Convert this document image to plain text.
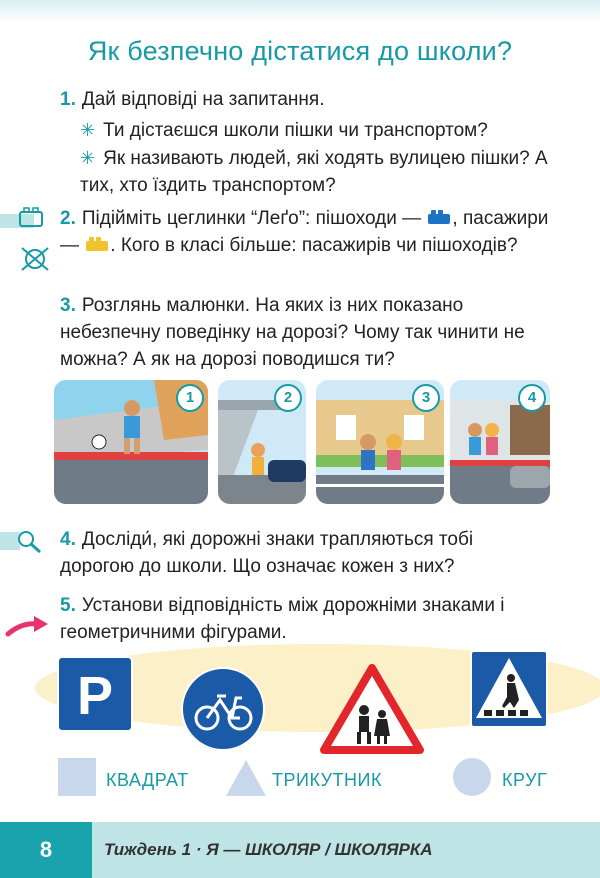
Як безпечно дістатися до школи?
1. Дай відповіді на запитання.
✳ Ти дістаєшся школи пішки чи транспортом?
✳ Як називають людей, які ходять вулицею пішки? А тих, хто їздить транспортом?
2. Підійміть цеглинки “Леґо”: пішоходи — , пасажири — . Кого в класі більше: пасажирів чи пішоходів?
3. Розглянь малюнки. На яких із них показано небезпечну поведінку на дорозі? Чому так чинити не можна? А як на дорозі поводишся ти?
1	2	3	4
4. Досліди́, які дорожні знаки трапляються тобі дорогою до школи. Що означає кожен з них?
5. Установи відповідність між дорожніми знаками і геометричними фігурами.
P
КВАДРАТ	ТРИКУТНИК	КРУГ
8	Тиждень 1 · Я — ШКОЛЯР / ШКОЛЯРКА
